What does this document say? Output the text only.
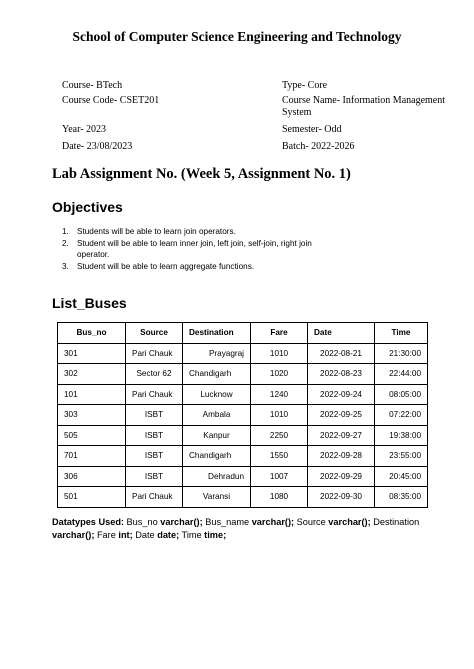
School of Computer Science Engineering and Technology
Course- BTech	Type- Core
Course Code- CSET201	Course Name- Information Management System
Year- 2023	Semester- Odd
Date- 23/08/2023	Batch- 2022-2026
Lab Assignment No. (Week 5, Assignment No. 1)
Objectives
1. Students will be able to learn join operators.
2. Student will be able to learn inner join, left join, self-join, right join operator.
3. Student will be able to learn aggregate functions.
List_Buses
Bus_no	Source	Destination	Fare	Date	Time
301	Pari Chauk	Prayagraj	1010	2022-08-21	21:30:00
302	Sector 62	Chandigarh	1020	2022-08-23	22:44:00
101	Pari Chauk	Lucknow	1240	2022-09-24	08:05:00
303	ISBT	Ambala	1010	2022-09-25	07:22:00
505	ISBT	Kanpur	2250	2022-09-27	19:38:00
701	ISBT	Chandigarh	1550	2022-09-28	23:55:00
306	ISBT	Dehradun	1007	2022-09-29	20:45:00
501	Pari Chauk	Varansi	1080	2022-09-30	08:35:00
Datatypes Used: Bus_no varchar(); Bus_name varchar(); Source varchar(); Destination varchar(); Fare int; Date date; Time time;
